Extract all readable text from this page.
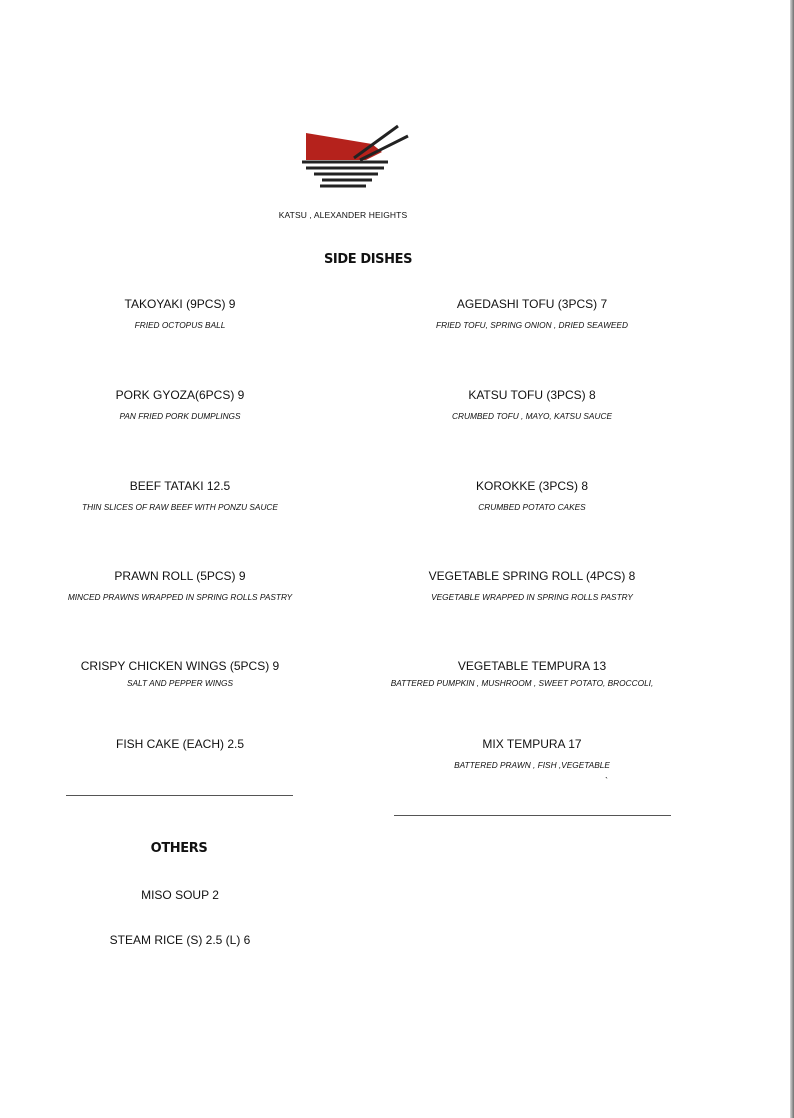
KATSU , ALEXANDER HEIGHTS
SIDE DISHES
TAKOYAKI (9PCS) 9
FRIED OCTOPUS BALL
PORK GYOZA(6PCS) 9
PAN FRIED PORK DUMPLINGS
BEEF TATAKI 12.5
THIN SLICES OF RAW BEEF WITH PONZU SAUCE
PRAWN ROLL (5PCS) 9
MINCED PRAWNS WRAPPED IN SPRING ROLLS PASTRY
CRISPY CHICKEN WINGS (5PCS) 9
SALT AND PEPPER WINGS
FISH CAKE (EACH) 2.5
AGEDASHI TOFU (3PCS) 7
FRIED TOFU, SPRING ONION , DRIED SEAWEED
KATSU TOFU (3PCS) 8
CRUMBED TOFU , MAYO, KATSU SAUCE
KOROKKE (3PCS) 8
CRUMBED POTATO CAKES
VEGETABLE SPRING ROLL (4PCS) 8
VEGETABLE WRAPPED IN SPRING ROLLS PASTRY
VEGETABLE TEMPURA 13
BATTERED PUMPKIN , MUSHROOM , SWEET POTATO, BROCCOLI,
MIX TEMPURA 17
BATTERED PRAWN , FISH ,VEGETABLE
`
OTHERS
MISO SOUP 2
STEAM RICE (S) 2.5 (L) 6
